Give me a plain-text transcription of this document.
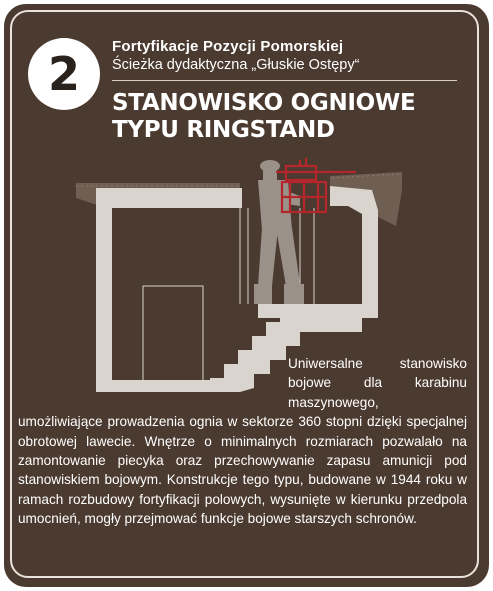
2
Fortyfikacje Pozycji Pomorskiej
Ścieżka dydaktyczna „Głuskie Ostępy“
STANOWISKO OGNIOWE
TYPU RINGSTAND
Uniwersalne stanowisko bojowe dla karabinu maszynowego, umożliwiające prowadzenia ognia w sektorze 360 stopni dzięki specjalnej obrotowej lawecie. Wnętrze o minimalnych rozmiarach pozwalało na zamontowanie piecyka oraz przechowywanie zapasu amunicji pod stanowiskiem bojowym. Konstrukcje tego typu, budowane w 1944 roku w ramach rozbudowy fortyfikacji polowych, wysunięte w kierunku przedpola umocnień, mogły przejmować funkcje bojowe starszych schronów.
